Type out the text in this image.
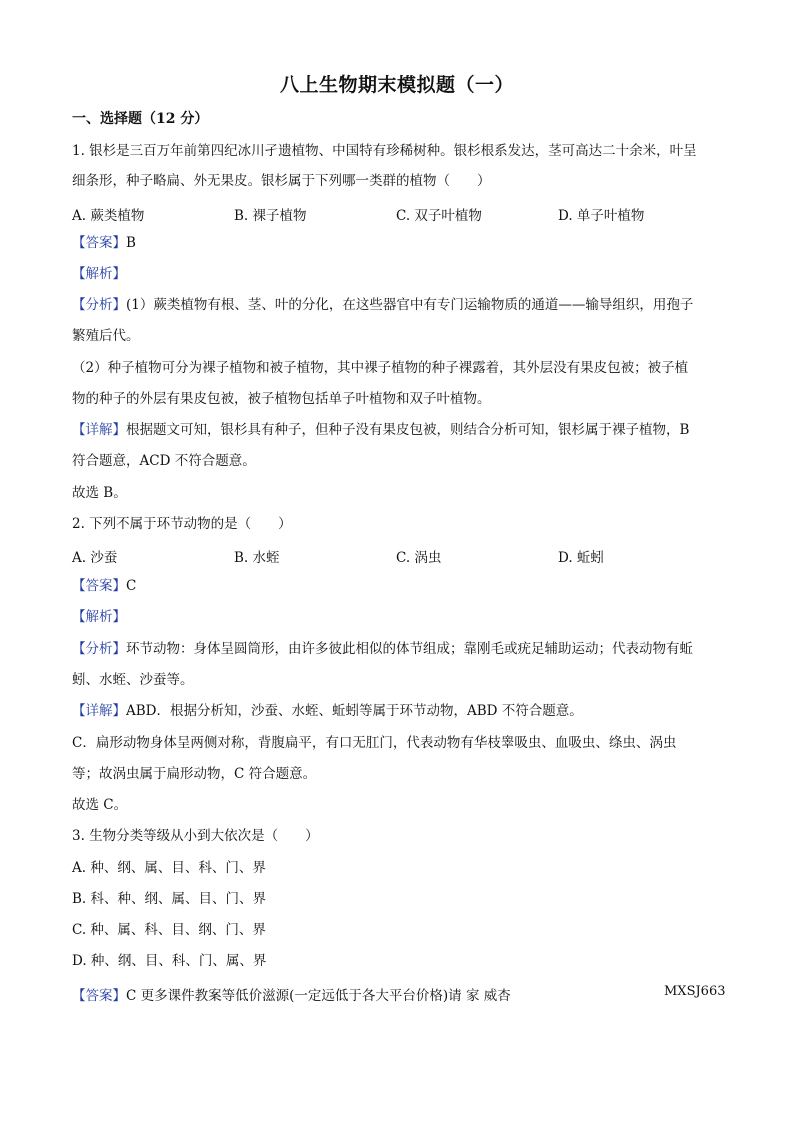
八上生物期末模拟题（一）
一、选择题（12 分）
1. 银杉是三百万年前第四纪冰川孑遗植物、中国特有珍稀树种。银杉根系发达，茎可高达二十余米，叶呈
细条形，种子略扁、外无果皮。银杉属于下列哪一类群的植物（　　）
A. 蕨类植物	B. 裸子植物	C. 双子叶植物	D. 单子叶植物
【答案】B
【解析】
【分析】(1）蕨类植物有根、茎、叶的分化，在这些器官中有专门运输物质的通道——输导组织，用孢子
繁殖后代。
（2）种子植物可分为裸子植物和被子植物，其中裸子植物的种子裸露着，其外层没有果皮包被；被子植
物的种子的外层有果皮包被，被子植物包括单子叶植物和双子叶植物。
【详解】根据题文可知，银杉具有种子，但种子没有果皮包被，则结合分析可知，银杉属于裸子植物，B
符合题意，ACD 不符合题意。
故选 B。
2. 下列不属于环节动物的是（　　）
A. 沙蚕	B. 水蛭	C. 涡虫	D. 蚯蚓
【答案】C
【解析】
【分析】环节动物：身体呈圆筒形，由许多彼此相似的体节组成；靠刚毛或疣足辅助运动；代表动物有蚯
蚓、水蛭、沙蚕等。
【详解】ABD．根据分析知，沙蚕、水蛭、蚯蚓等属于环节动物，ABD 不符合题意。
C．扁形动物身体呈两侧对称，背腹扁平，有口无肛门，代表动物有华枝睾吸虫、血吸虫、绦虫、涡虫
等；故涡虫属于扁形动物，C 符合题意。
故选 C。
3. 生物分类等级从小到大依次是（　　）
A. 种、纲、属、目、科、门、界
B. 科、种、纲、属、目、门、界
C. 种、属、科、目、纲、门、界
D. 种、纲、目、科、门、属、界
【答案】C 更多课件教案等低价滋源(一定远低于各大平台价格)请 家 威杏	MXSJ663
